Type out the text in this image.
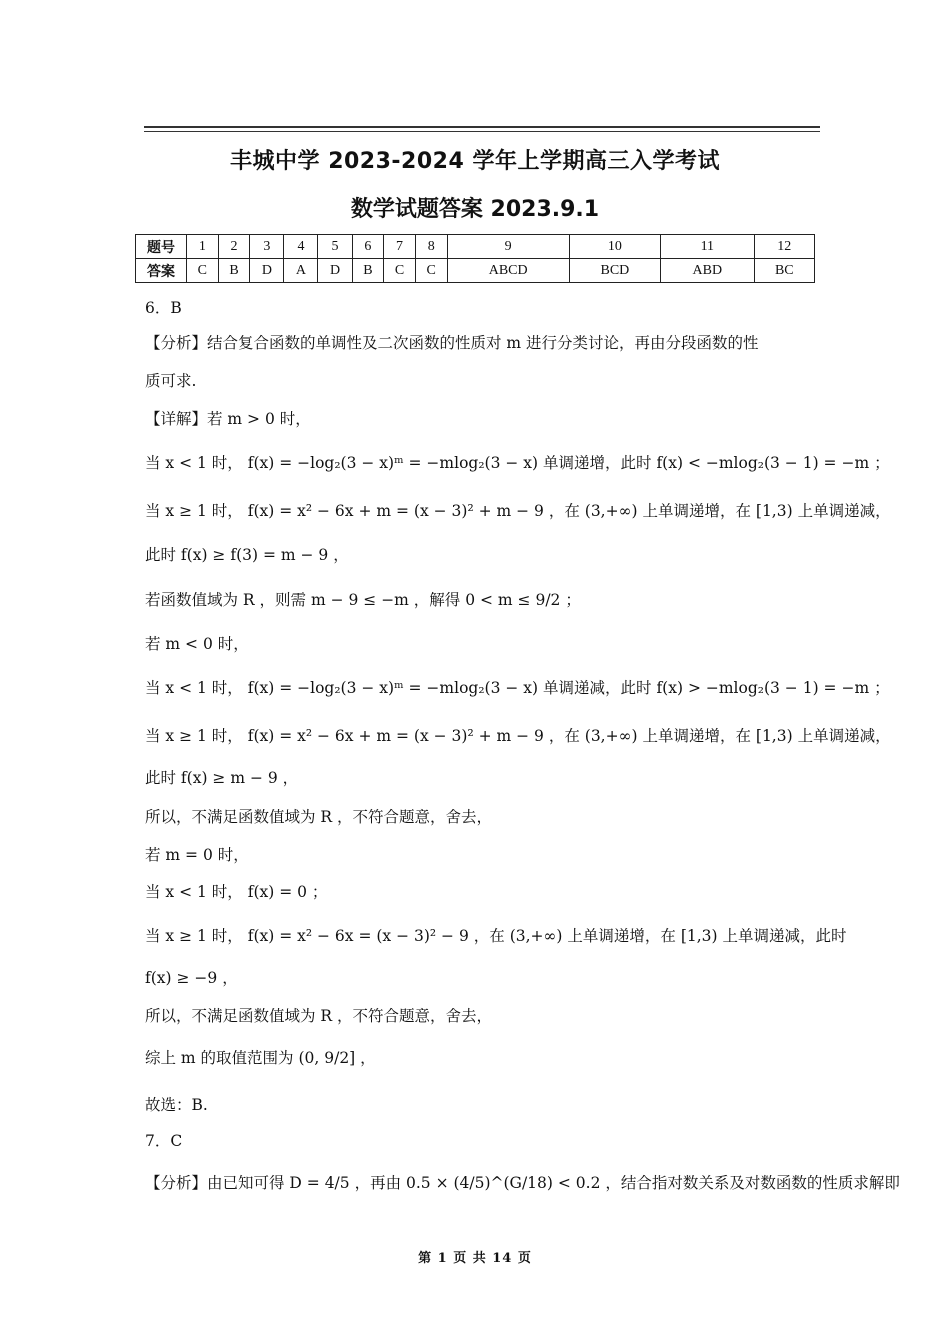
丰城中学 2023-2024 学年上学期高三入学考试
数学试题答案 2023.9.1
题号	1	2	3	4	5	6	7	8	9	10	11	12
答案	C	B	D	A	D	B	C	C	ABCD	BCD	ABD	BC
6．B
【分析】结合复合函数的单调性及二次函数的性质对 m 进行分类讨论，再由分段函数的性
质可求.
【详解】若 m > 0 时，
当 x < 1 时， f(x) = −log₂(3 − x)ᵐ = −mlog₂(3 − x) 单调递增，此时 f(x) < −mlog₂(3 − 1) = −m ；
当 x ≥ 1 时， f(x) = x² − 6x + m = (x − 3)² + m − 9 ，在 (3,+∞) 上单调递增，在 [1,3) 上单调递减，
此时 f(x) ≥ f(3) = m − 9 ，
若函数值域为 R ，则需 m − 9 ≤ −m ，解得 0 < m ≤ 9/2 ；
若 m < 0 时，
当 x < 1 时， f(x) = −log₂(3 − x)ᵐ = −mlog₂(3 − x) 单调递减，此时 f(x) > −mlog₂(3 − 1) = −m ；
当 x ≥ 1 时， f(x) = x² − 6x + m = (x − 3)² + m − 9 ，在 (3,+∞) 上单调递增，在 [1,3) 上单调递减，
此时 f(x) ≥ m − 9 ，
所以，不满足函数值域为 R ，不符合题意，舍去，
若 m = 0 时，
当 x < 1 时， f(x) = 0 ；
当 x ≥ 1 时， f(x) = x² − 6x = (x − 3)² − 9 ，在 (3,+∞) 上单调递增，在 [1,3) 上单调递减，此时
f(x) ≥ −9 ，
所以，不满足函数值域为 R ，不符合题意，舍去，
综上 m 的取值范围为 (0, 9/2] ，
故选：B.
7．C
【分析】由已知可得 D = 4/5 ，再由 0.5 × (4/5)^(G/18) < 0.2 ，结合指对数关系及对数函数的性质求解即
第 1 页 共 14 页
